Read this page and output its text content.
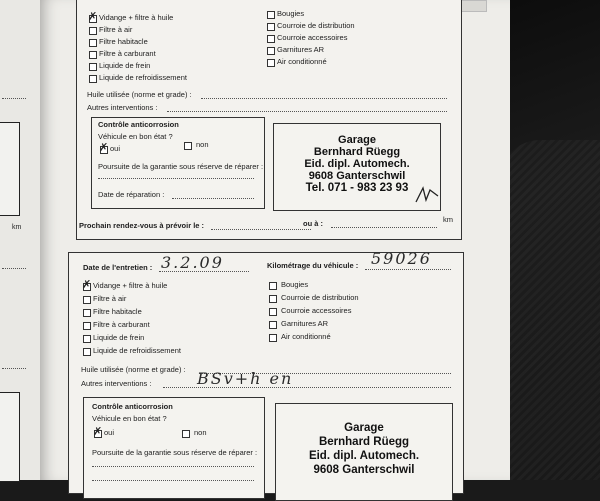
km
✗
Vidange + filtre à huile
Filtre à air
Filtre habitacle
Filtre à carburant
Liquide de frein
Liquide de refroidissement
Bougies
Courroie de distribution
Courroie accessoires
Garnitures AR
Air conditionné
Huile utilisée (norme et grade) :
Autres interventions :
Contrôle anticorrosion
Véhicule en bon état ?
✗
oui	non
Poursuite de la garantie sous réserve de réparer :
Date de réparation :
Garage
Bernhard Rüegg
Eid. dipl. Automech.
9608 Ganterschwil
Tel. 071 - 983 23 93
Prochain rendez-vous à prévoir le :	ou à :	km
Date de l'entretien : 3.2.09	Kilométrage du véhicule : 59026
✗
Vidange + filtre à huile
Filtre à air
Filtre habitacle
Filtre à carburant
Liquide de frein
Liquide de refroidissement
Bougies
Courroie de distribution
Courroie accessoires
Garnitures AR
Air conditionné
Huile utilisée (norme et grade) :
Autres interventions :	BSv+h en
Contrôle anticorrosion
Véhicule en bon état ?
✗
oui	non
Poursuite de la garantie sous réserve de réparer :
Garage
Bernhard Rüegg
Eid. dipl. Automech.
9608 Ganterschwil
